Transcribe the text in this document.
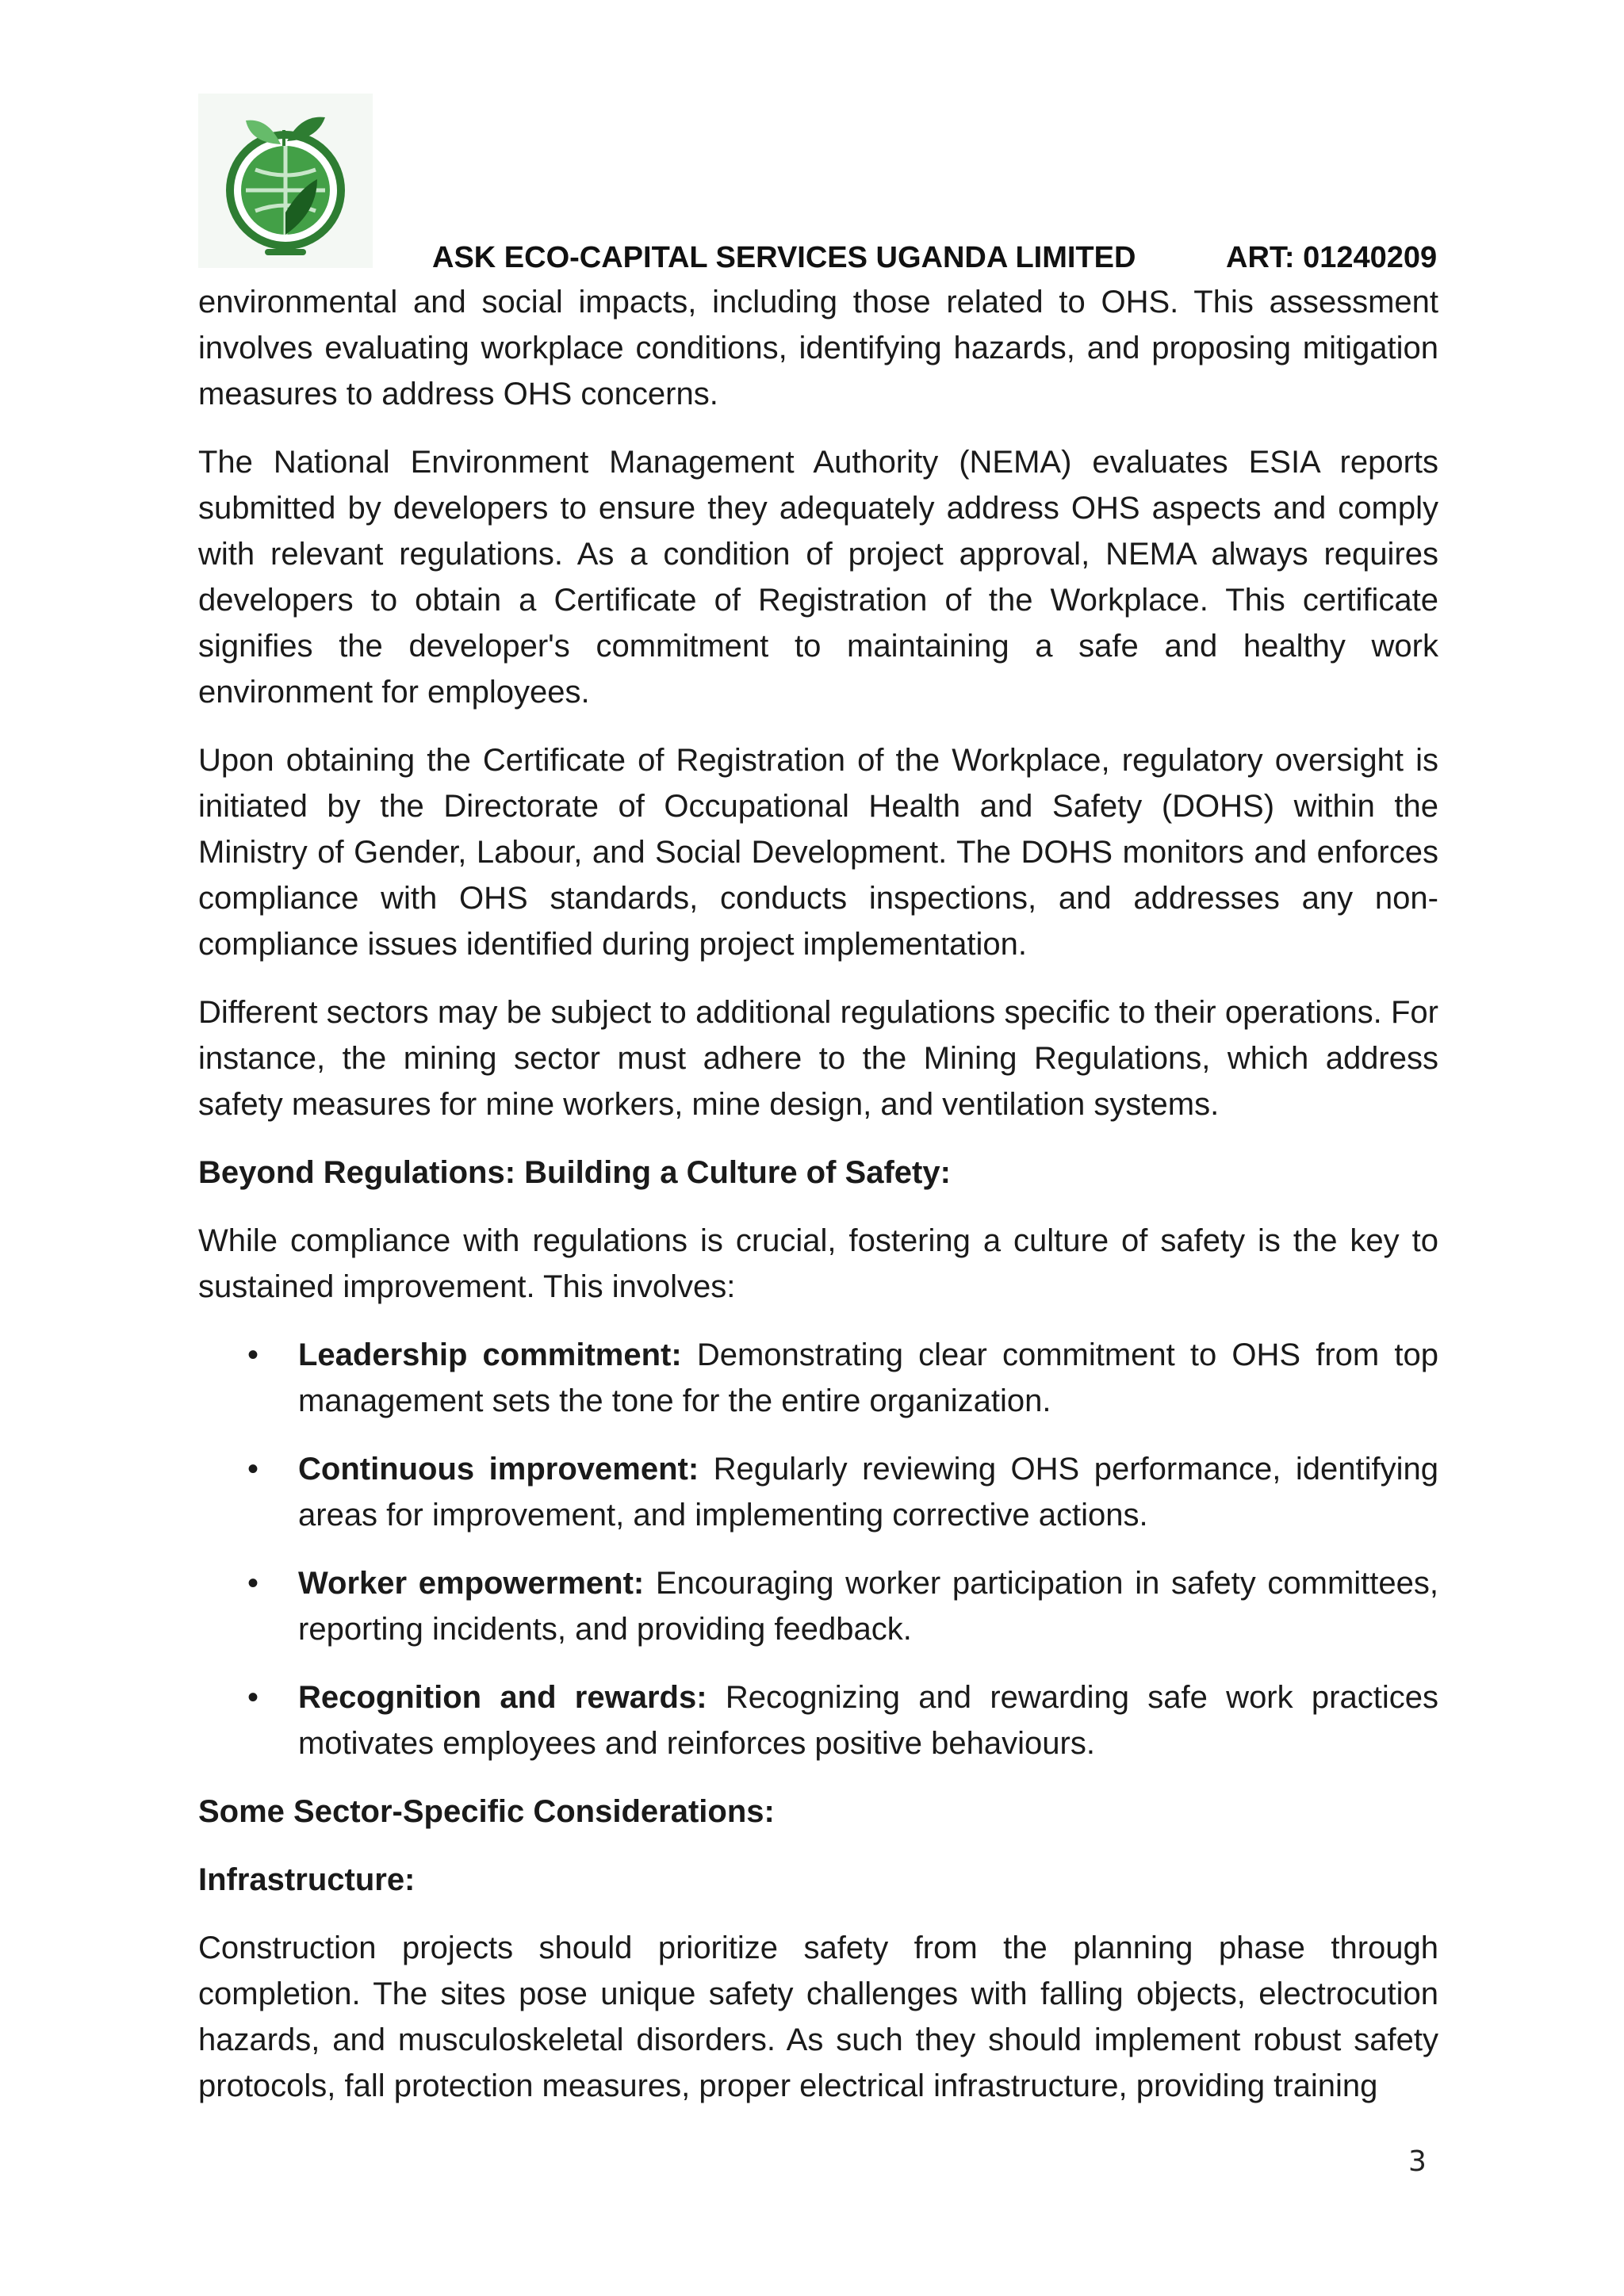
ASK ECO-CAPITAL SERVICES UGANDA LIMITED	ART: 01240209

environmental and social impacts, including those related to OHS. This assessment involves evaluating workplace conditions, identifying hazards, and proposing mitigation measures to address OHS concerns.

The National Environment Management Authority (NEMA) evaluates ESIA reports submitted by developers to ensure they adequately address OHS aspects and comply with relevant regulations. As a condition of project approval, NEMA always requires developers to obtain a Certificate of Registration of the Workplace. This certificate signifies the developer's commitment to maintaining a safe and healthy work environment for employees.

Upon obtaining the Certificate of Registration of the Workplace, regulatory oversight is initiated by the Directorate of Occupational Health and Safety (DOHS) within the Ministry of Gender, Labour, and Social Development. The DOHS monitors and enforces compliance with OHS standards, conducts inspections, and addresses any non-compliance issues identified during project implementation.

Different sectors may be subject to additional regulations specific to their operations. For instance, the mining sector must adhere to the Mining Regulations, which address safety measures for mine workers, mine design, and ventilation systems.

Beyond Regulations: Building a Culture of Safety:

While compliance with regulations is crucial, fostering a culture of safety is the key to sustained improvement. This involves:

• Leadership commitment: Demonstrating clear commitment to OHS from top management sets the tone for the entire organization.
• Continuous improvement: Regularly reviewing OHS performance, identifying areas for improvement, and implementing corrective actions.
• Worker empowerment: Encouraging worker participation in safety committees, reporting incidents, and providing feedback.
• Recognition and rewards: Recognizing and rewarding safe work practices motivates employees and reinforces positive behaviours.

Some Sector-Specific Considerations:

Infrastructure:

Construction projects should prioritize safety from the planning phase through completion. The sites pose unique safety challenges with falling objects, electrocution hazards, and musculoskeletal disorders. As such they should implement robust safety protocols, fall protection measures, proper electrical infrastructure, providing training

3
